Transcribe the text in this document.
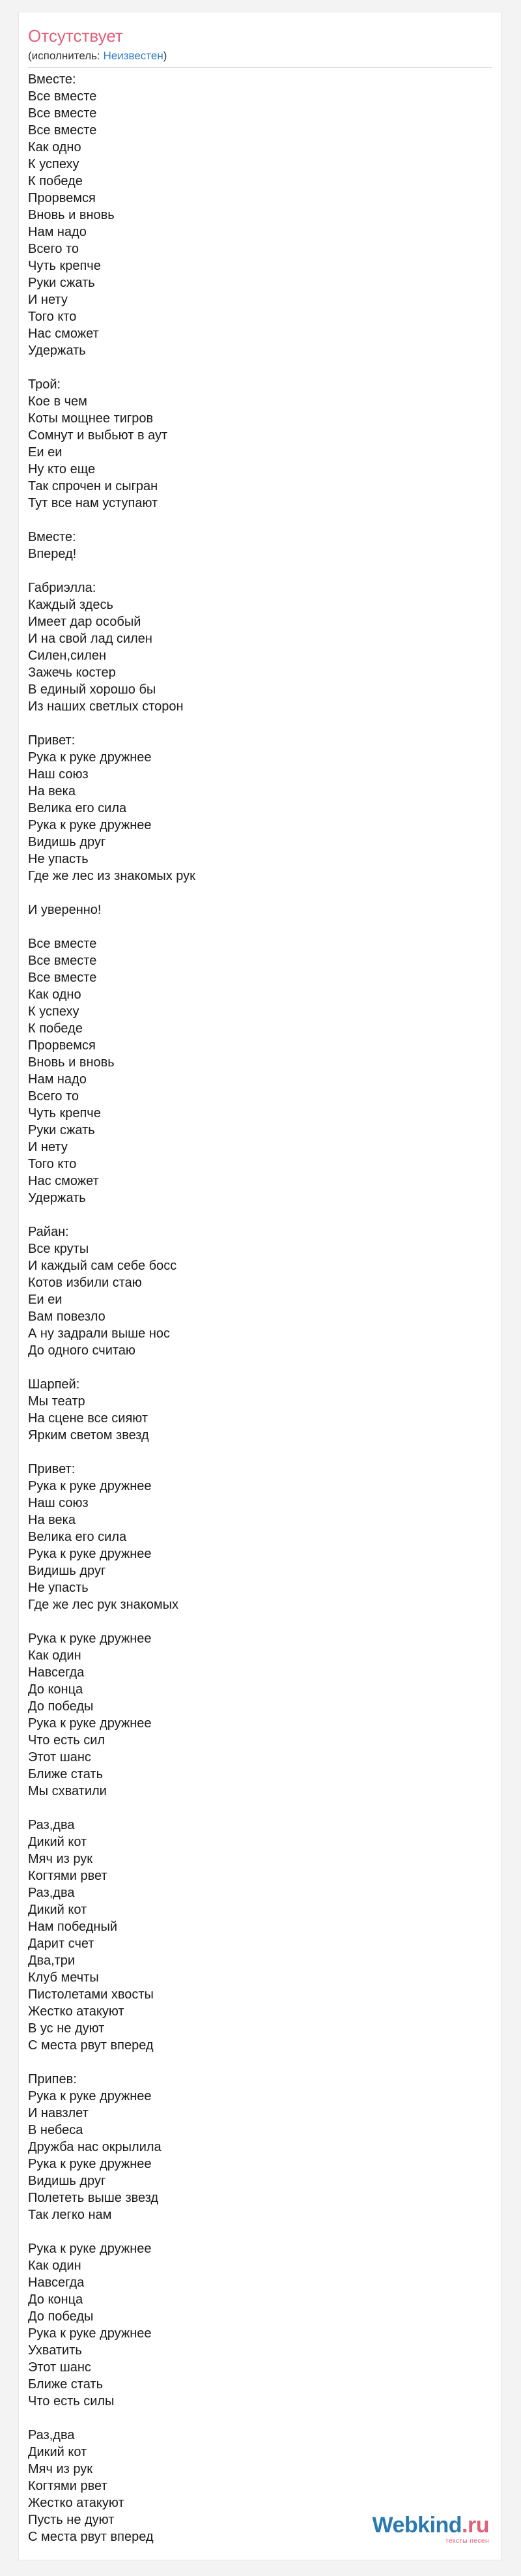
Отсутствует
(исполнитель: Неизвестен)
Вместе:
Все вместе
Все вместе
Все вместе
Как одно
К успеху
К победе
Прорвемся
Вновь и вновь
Нам надо
Всего то
Чуть крепче
Руки сжать
И нету
Того кто
Нас сможет
Удержать
Трой:
Кое в чем
Коты мощнее тигров
Сомнут и выбьют в аут
Еи еи
Ну кто еще
Так спрочен и сыгран
Тут все нам уступают
Вместе:
Вперед!
Габриэлла:
Каждый здесь
Имеет дар особый
И на свой лад силен
Силен,силен
Зажечь костер
В единый хорошо бы
Из наших светлых сторон
Привет:
Рука к руке дружнее
Наш союз
На века
Велика его сила
Рука к руке дружнее
Видишь друг
Не упасть
Где же лес из знакомых рук
И уверенно!
Все вместе
Все вместе
Все вместе
Как одно
К успеху
К победе
Прорвемся
Вновь и вновь
Нам надо
Всего то
Чуть крепче
Руки сжать
И нету
Того кто
Нас сможет
Удержать
Райан:
Все круты
И каждый сам себе босс
Котов избили стаю
Еи еи
Вам повезло
А ну задрали выше нос
До одного считаю
Шарпей:
Мы театр
На сцене все сияют
Ярким светом звезд
Привет:
Рука к руке дружнее
Наш союз
На века
Велика его сила
Рука к руке дружнее
Видишь друг
Не упасть
Где же лес рук знакомых
Рука к руке дружнее
Как один
Навсегда
До конца
До победы
Рука к руке дружнее
Что есть сил
Этот шанс
Ближе стать
Мы схватили
Раз,два
Дикий кот
Мяч из рук
Когтями рвет
Раз,два
Дикий кот
Нам победный
Дарит счет
Два,три
Клуб мечты
Пистолетами хвосты
Жестко атакуют
В ус не дуют
С места рвут вперед
Припев:
Рука к руке дружнее
И навзлет
В небеса
Дружба нас окрылила
Рука к руке дружнее
Видишь друг
Полететь выше звезд
Так легко нам
Рука к руке дружнее
Как один
Навсегда
До конца
До победы
Рука к руке дружнее
Ухватить
Этот шанс
Ближе стать
Что есть силы
Раз,два
Дикий кот
Мяч из рук
Когтями рвет
Жестко атакуют
Пусть не дуют
С места рвут вперед	Webkind.ru
тексты песен
